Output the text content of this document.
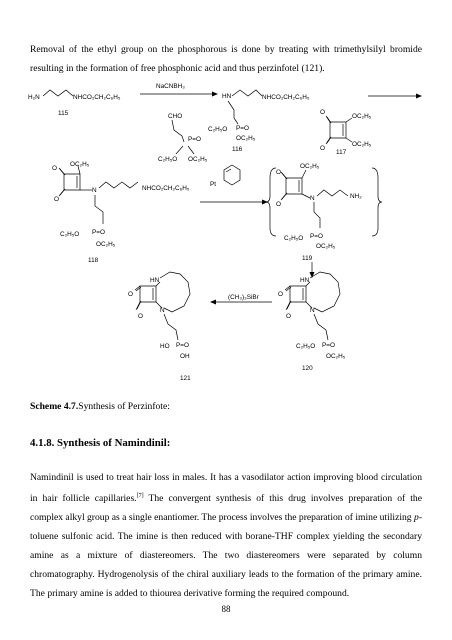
Removal of the ethyl group on the phosphorous is done by treating with trimethylsilyl bromide resulting in the formation of free phosphonic acid and thus perzinfotel (121).

H₂N	NHCO₂CH₂C₆H₅
115
NaCNBH₃
CHO
P=O
C₂H₅O OC₂H₅
HN	NHCO₂CH₂C₆H₅
P=O
C₂H₅O
OC₂H₅
116
O
O
OC₂H₅
OC₂H₅
117
O
O
OC₂H₅
N	NHCO₂CH₂C₆H₅
P=O
C₂H₅O
OC₂H₅
118
Pt
O
O
OC₂H₅
N	NH₂
P=O
C₂H₅O
OC₂H₅
119
O
O
HN
N
P=O
HO
OH
121
(CH₃)₃SiBr	O
O
HN
N
P=O
C₂H₅O
OC₂H₅
120

Scheme 4.7.Synthesis of Perzinfote:

4.1.8. Synthesis of Namindinil:

Namindinil is used to treat hair loss in males. It has a vasodilator action improving blood circulation in hair follicle capillaries.[7] The convergent synthesis of this drug involves preparation of the complex alkyl group as a single enantiomer. The process involves the preparation of imine utilizing p-toluene sulfonic acid. The imine is then reduced with borane-THF complex yielding the secondary amine as a mixture of diastereomers. The two diastereomers were separated by column chromatography. Hydrogenolysis of the chiral auxiliary leads to the formation of the primary amine. The primary amine is added to thiourea derivative forming the required compound.

88
